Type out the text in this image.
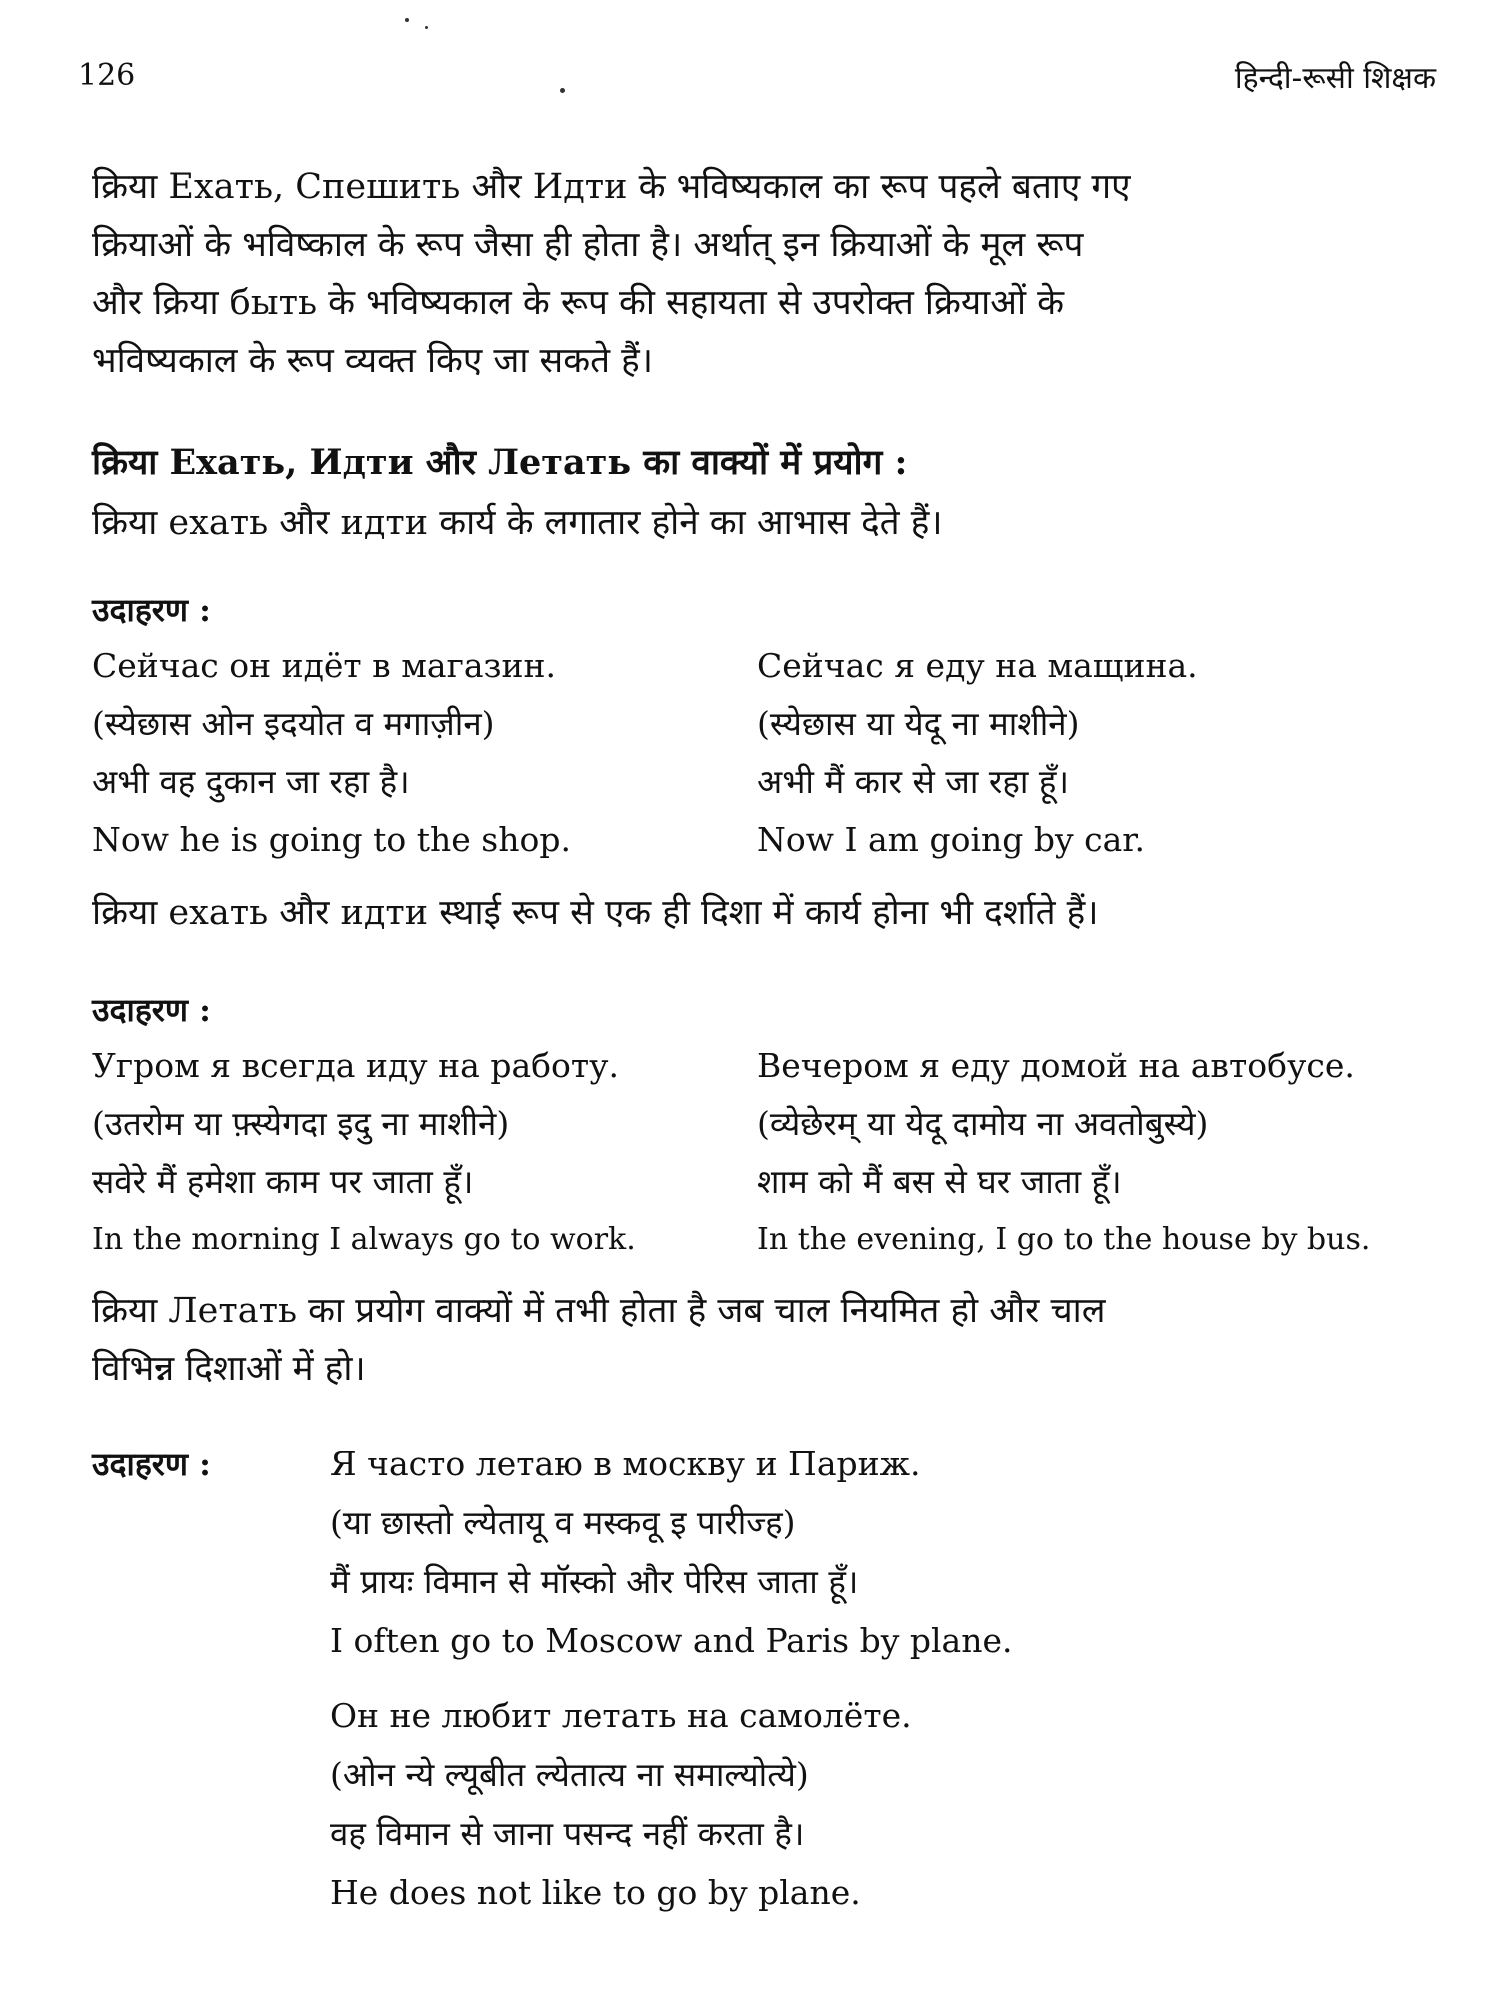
126	हिन्दी-रूसी शिक्षक
क्रिया Ехать, Спешить और Идти के भविष्यकाल का रूप पहले बताए गए
क्रियाओं के भविष्काल के रूप जैसा ही होता है। अर्थात् इन क्रियाओं के मूल रूप
और क्रिया быть के भविष्यकाल के रूप की सहायता से उपरोक्त क्रियाओं के
भविष्यकाल के रूप व्यक्त किए जा सकते हैं।
क्रिया Ехать, Идти और Летать का वाक्यों में प्रयोग :
क्रिया ехать और идти कार्य के लगातार होने का आभास देते हैं।
उदाहरण :
Сейчас он идёт в магазин.
(स्येछास ओन इदयोत व मगाज़ीन)
अभी वह दुकान जा रहा है।
Now he is going to the shop.
Сейчас я еду на мащина.
(स्येछास या येदू ना माशीने)
अभी मैं कार से जा रहा हूँ।
Now I am going by car.
क्रिया ехать और идти स्थाई रूप से एक ही दिशा में कार्य होना भी दर्शाते हैं।
उदाहरण :
Угром я всегда иду на работу.
(उतरोम या फ़्स्येगदा इदु ना माशीने)
सवेरे मैं हमेशा काम पर जाता हूँ।
In the morning I always go to work.
Вечером я еду домой на автобусе.
(व्येछेरम् या येदू दामोय ना अवतोबुस्ये)
शाम को मैं बस से घर जाता हूँ।
In the evening, I go to the house by bus.
क्रिया Летать का प्रयोग वाक्यों में तभी होता है जब चाल नियमित हो और चाल
विभिन्न दिशाओं में हो।
उदाहरण :	Я часто летаю в москву и Париж.
(या छास्तो ल्येतायू व मस्कवू इ पारीज्ह)
मैं प्रायः विमान से मॉस्को और पेरिस जाता हूँ।
I often go to Moscow and Paris by plane.
Он не любит летать на самолёте.
(ओन न्ये ल्यूबीत ल्येतात्य ना समाल्योत्ये)
वह विमान से जाना पसन्द नहीं करता है।
He does not like to go by plane.
